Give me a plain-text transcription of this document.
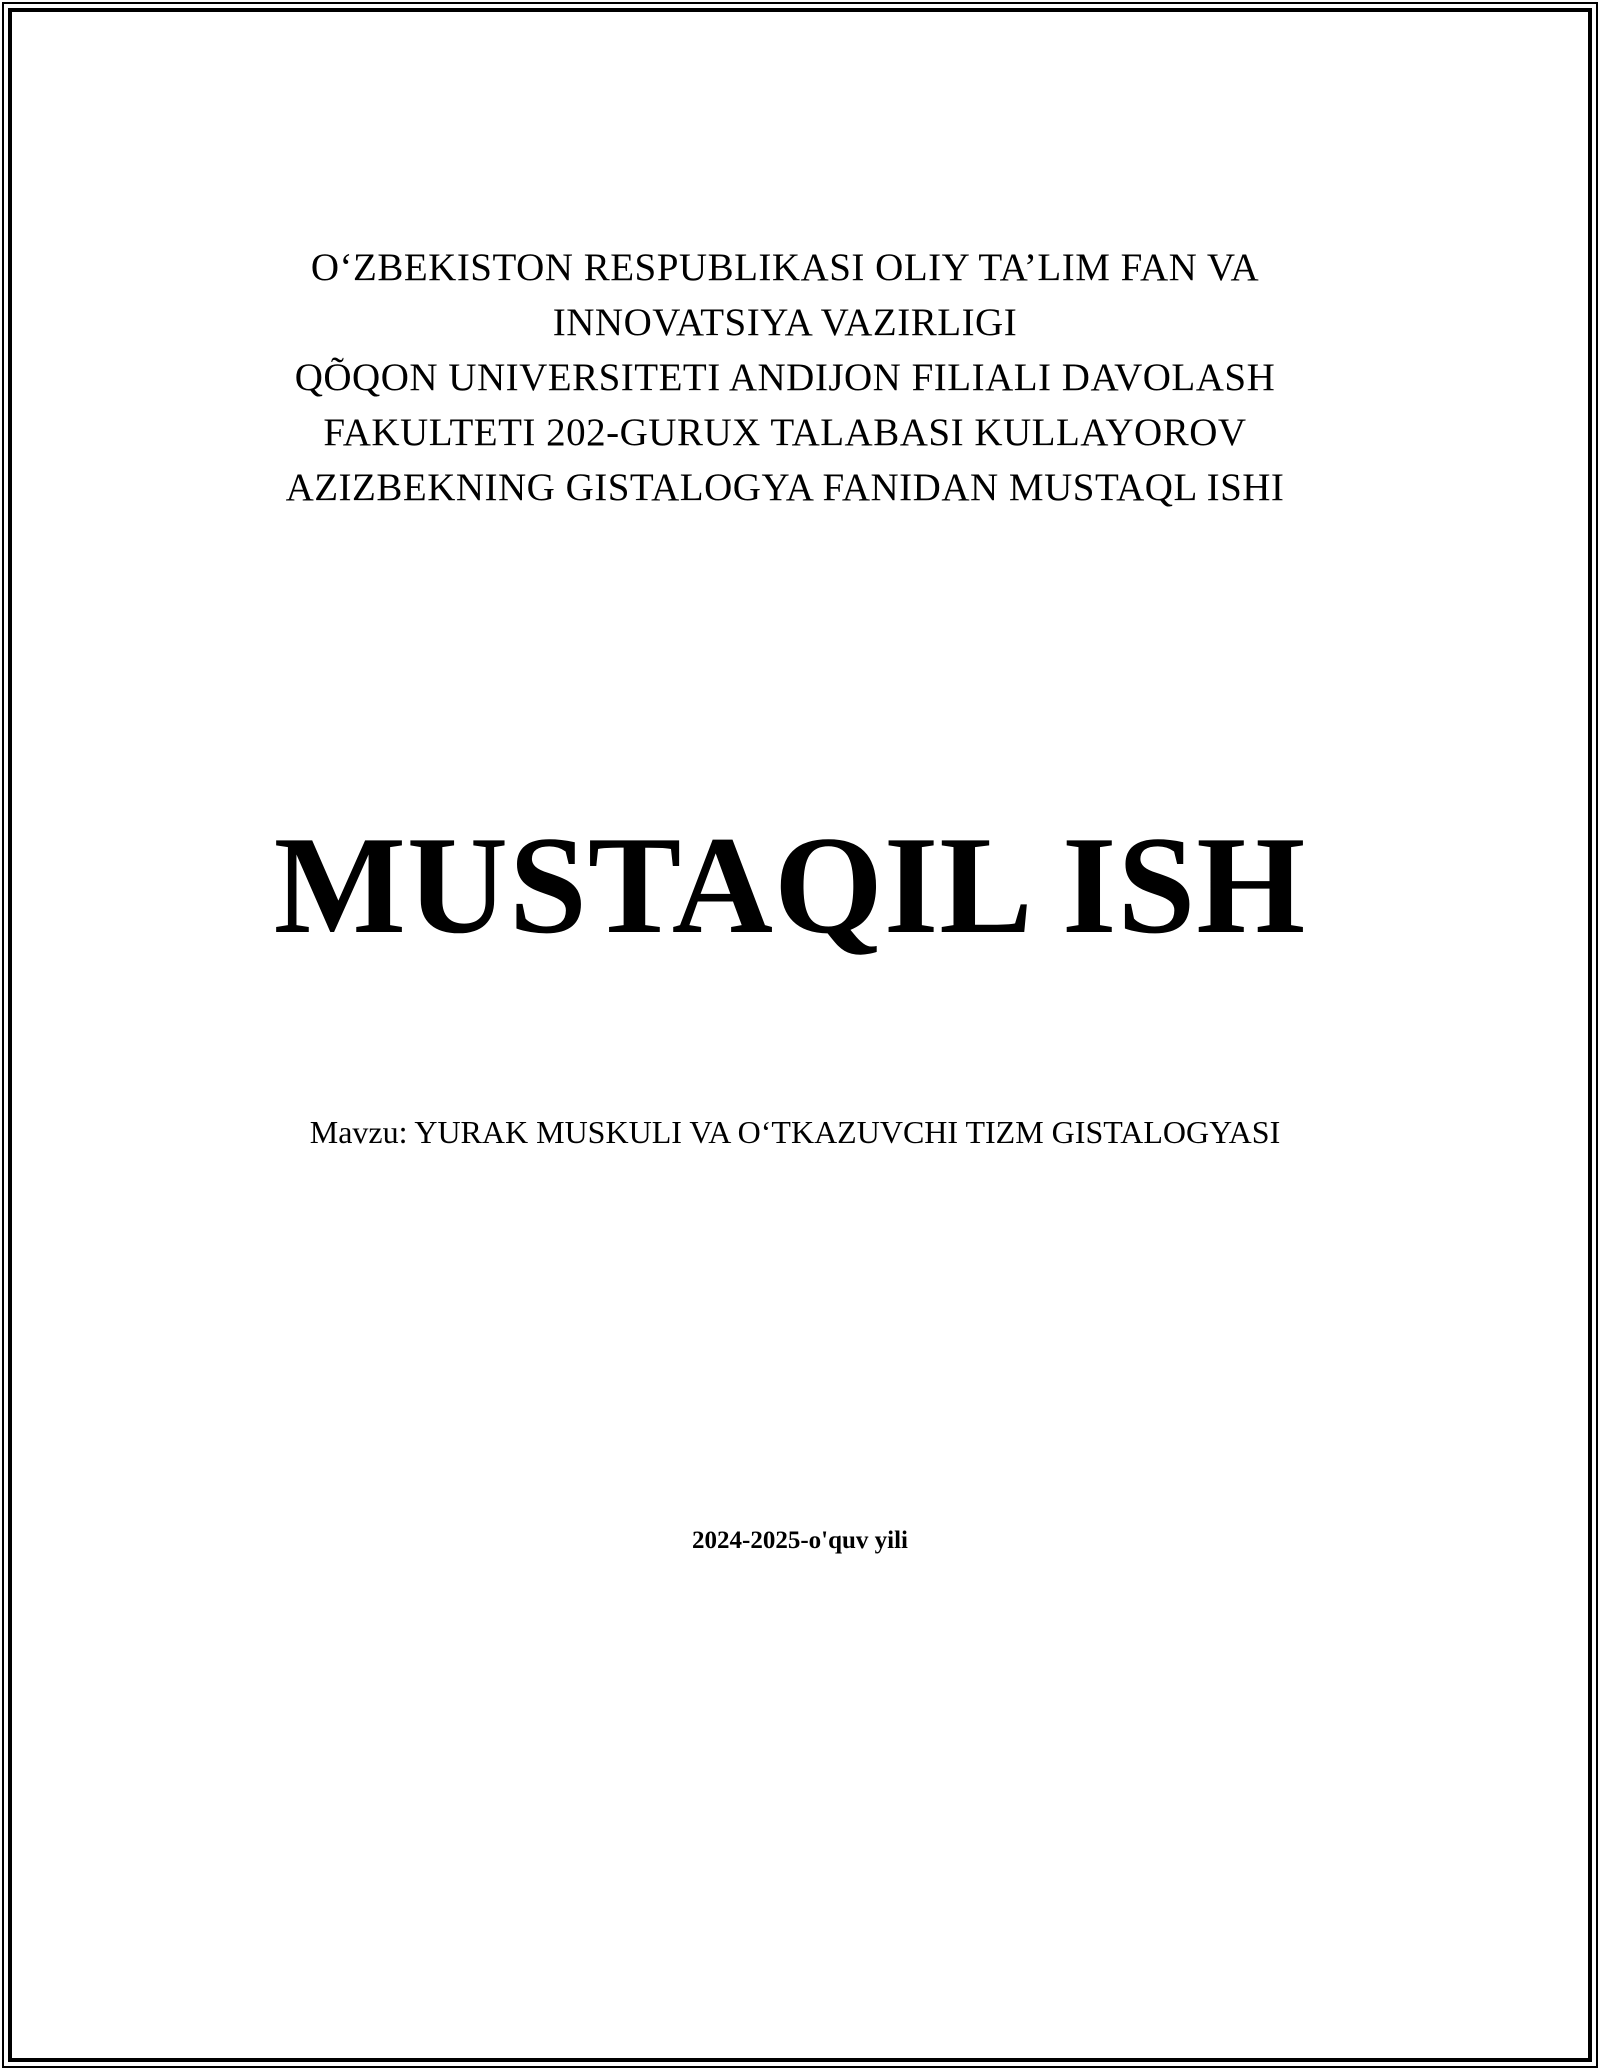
O‘ZBEKISTON RESPUBLIKASI OLIY TA’LIM FAN VA
INNOVATSIYA VAZIRLIGI
QÕQON UNIVERSITETI ANDIJON FILIALI DAVOLASH
FAKULTETI 202-GURUX TALABASI KULLAYOROV
AZIZBEKNING GISTALOGYA FANIDAN MUSTAQL ISHI
MUSTAQIL ISH
Mavzu: YURAK MUSKULI VA O‘TKAZUVCHI TIZM GISTALOGYASI
2024-2025-o'quv yili
